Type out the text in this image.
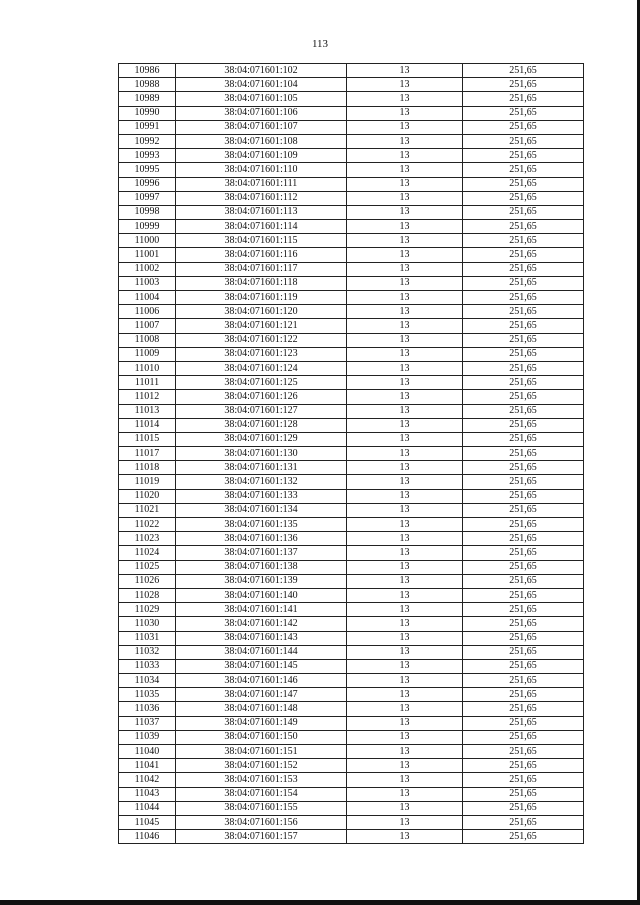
113
10986	38:04:071601:102	13	251,65
10988	38:04:071601:104	13	251,65
10989	38:04:071601:105	13	251,65
10990	38:04:071601:106	13	251,65
10991	38:04:071601:107	13	251,65
10992	38:04:071601:108	13	251,65
10993	38:04:071601:109	13	251,65
10995	38:04:071601:110	13	251,65
10996	38:04:071601:111	13	251,65
10997	38:04:071601:112	13	251,65
10998	38:04:071601:113	13	251,65
10999	38:04:071601:114	13	251,65
11000	38:04:071601:115	13	251,65
11001	38:04:071601:116	13	251,65
11002	38:04:071601:117	13	251,65
11003	38:04:071601:118	13	251,65
11004	38:04:071601:119	13	251,65
11006	38:04:071601:120	13	251,65
11007	38:04:071601:121	13	251,65
11008	38:04:071601:122	13	251,65
11009	38:04:071601:123	13	251,65
11010	38:04:071601:124	13	251,65
11011	38:04:071601:125	13	251,65
11012	38:04:071601:126	13	251,65
11013	38:04:071601:127	13	251,65
11014	38:04:071601:128	13	251,65
11015	38:04:071601:129	13	251,65
11017	38:04:071601:130	13	251,65
11018	38:04:071601:131	13	251,65
11019	38:04:071601:132	13	251,65
11020	38:04:071601:133	13	251,65
11021	38:04:071601:134	13	251,65
11022	38:04:071601:135	13	251,65
11023	38:04:071601:136	13	251,65
11024	38:04:071601:137	13	251,65
11025	38:04:071601:138	13	251,65
11026	38:04:071601:139	13	251,65
11028	38:04:071601:140	13	251,65
11029	38:04:071601:141	13	251,65
11030	38:04:071601:142	13	251,65
11031	38:04:071601:143	13	251,65
11032	38:04:071601:144	13	251,65
11033	38:04:071601:145	13	251,65
11034	38:04:071601:146	13	251,65
11035	38:04:071601:147	13	251,65
11036	38:04:071601:148	13	251,65
11037	38:04:071601:149	13	251,65
11039	38:04:071601:150	13	251,65
11040	38:04:071601:151	13	251,65
11041	38:04:071601:152	13	251,65
11042	38:04:071601:153	13	251,65
11043	38:04:071601:154	13	251,65
11044	38:04:071601:155	13	251,65
11045	38:04:071601:156	13	251,65
11046	38:04:071601:157	13	251,65
